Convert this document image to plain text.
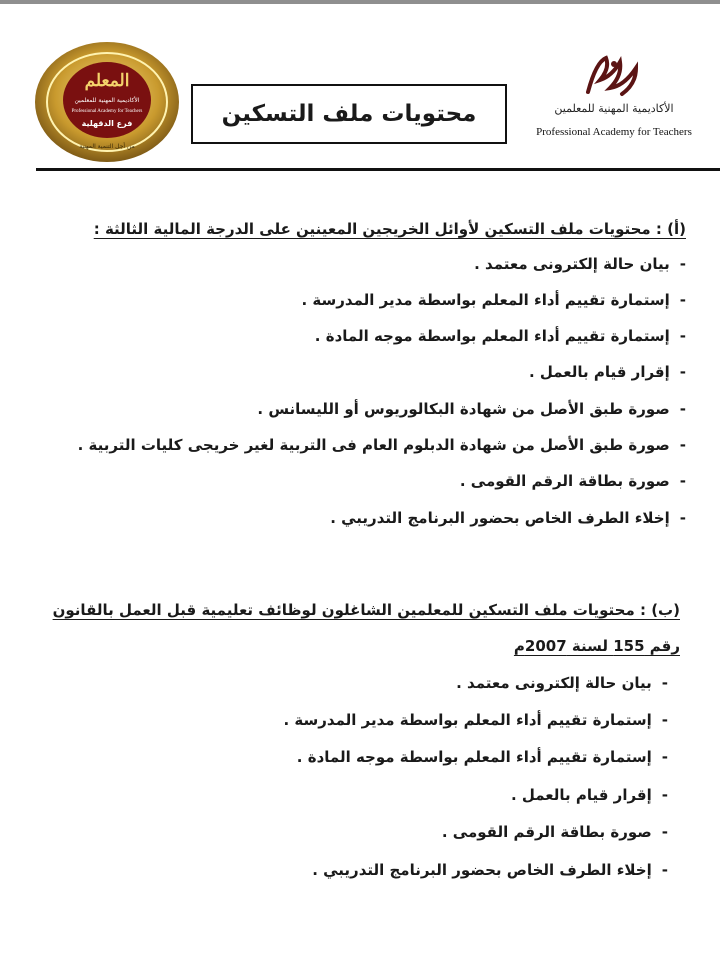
المعلم
الأكاديمية المهنية للمعلمين
Professional Academy for Teachers
فرع الدقهلية
من أجل التنمية المهنية
محتويات ملف التسكين	الأكاديمية المهنية للمعلمين
Professional Academy for Teachers
(أ) : محتويات ملف التسكين لأوائل الخريجين المعينين على الدرجة المالية الثالثة :
-بيان حالة إلكترونى معتمد .
-إستمارة تقييم أداء المعلم بواسطة مدير المدرسة .
-إستمارة تقييم أداء المعلم بواسطة موجه المادة .
-إقرار قيام بالعمل .
-صورة طبق الأصل من شهادة البكالوريوس أو الليسانس .
-صورة طبق الأصل من شهادة الدبلوم العام فى التربية لغير خريجى كليات التربية .
-صورة بطاقة الرقم القومى .
-إخلاء الطرف الخاص بحضور البرنامج التدريبي .
(ب) : محتويات ملف التسكين للمعلمين الشاغلون لوظائف تعليمية قبل العمل بالقانون
رقم 155 لسنة 2007م
-بيان حالة إلكترونى معتمد .
-إستمارة تقييم أداء المعلم بواسطة مدير المدرسة .
-إستمارة تقييم أداء المعلم بواسطة موجه المادة .
-إقرار قيام بالعمل .
-صورة بطاقة الرقم القومى .
-إخلاء الطرف الخاص بحضور البرنامج التدريبي .
